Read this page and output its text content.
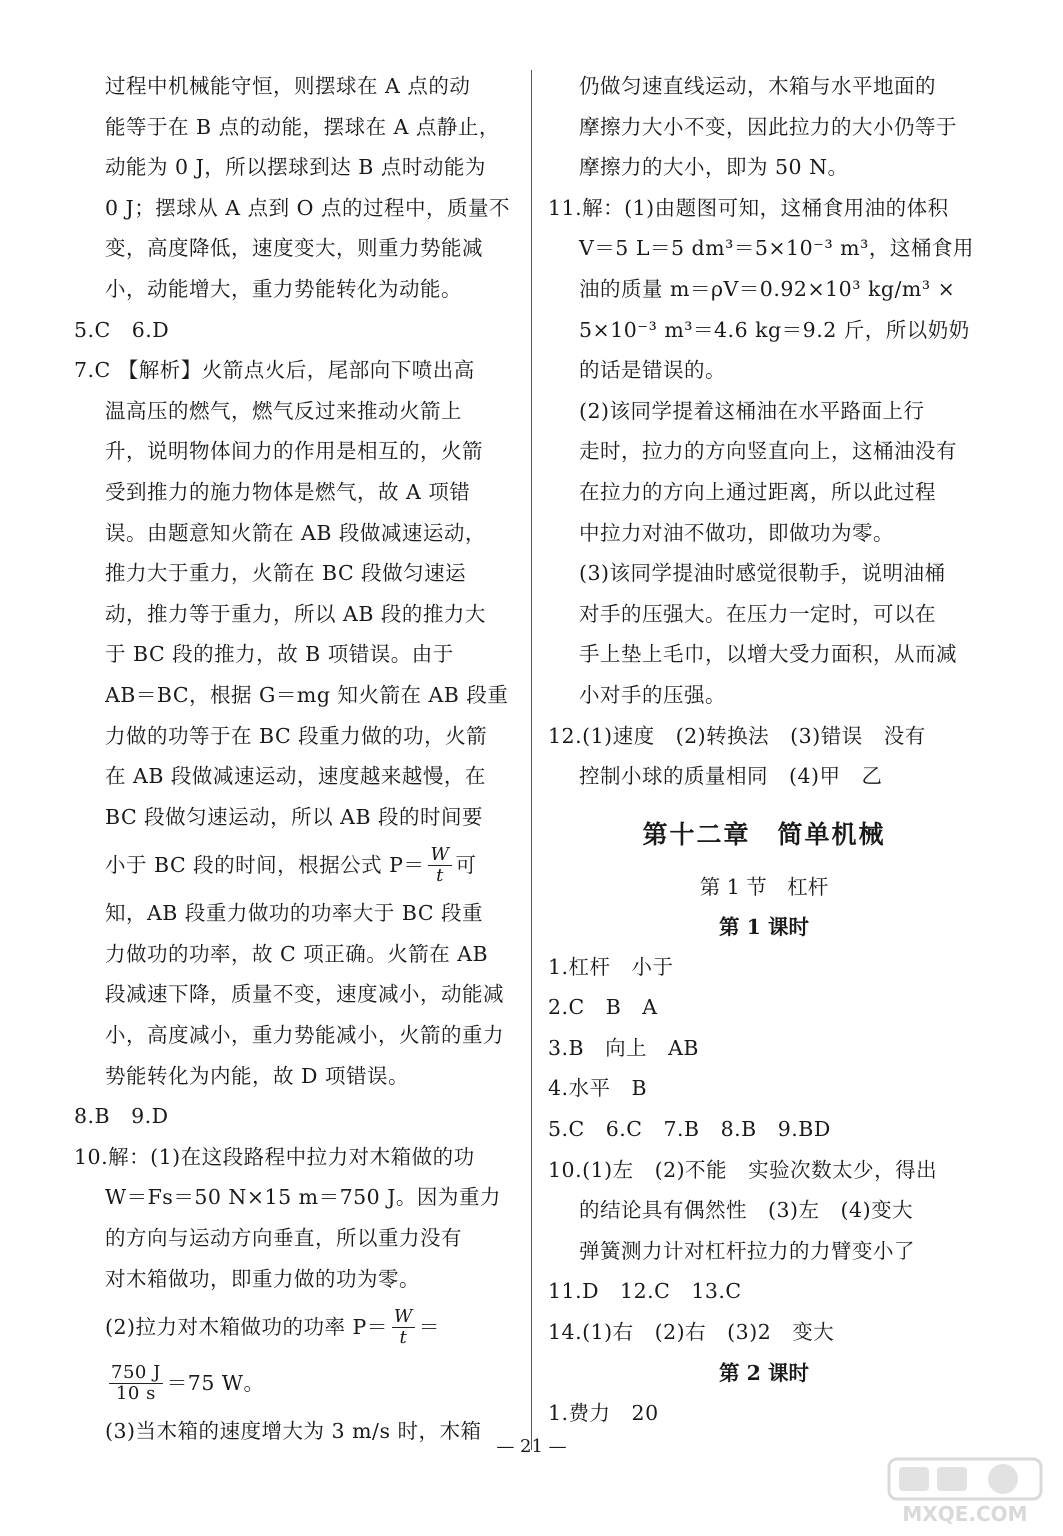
过程中机械能守恒，则摆球在 A 点的动
能等于在 B 点的动能，摆球在 A 点静止，
动能为 0 J，所以摆球到达 B 点时动能为
0 J；摆球从 A 点到 O 点的过程中，质量不
变，高度降低，速度变大，则重力势能减
小，动能增大，重力势能转化为动能。
5.C　6.D
7.C 【解析】火箭点火后，尾部向下喷出高
温高压的燃气，燃气反过来推动火箭上
升，说明物体间力的作用是相互的，火箭
受到推力的施力物体是燃气，故 A 项错
误。由题意知火箭在 AB 段做减速运动，
推力大于重力，火箭在 BC 段做匀速运
动，推力等于重力，所以 AB 段的推力大
于 BC 段的推力，故 B 项错误。由于
AB＝BC，根据 G＝mg 知火箭在 AB 段重
力做的功等于在 BC 段重力做的功，火箭
在 AB 段做减速运动，速度越来越慢，在
BC 段做匀速运动，所以 AB 段的时间要
小于 BC 段的时间，根据公式 $P= \frac{W}{t}$ 可
知，AB 段重力做功的功率大于 BC 段重
力做功的功率，故 C 项正确。火箭在 AB
段减速下降，质量不变，速度减小，动能减
小，高度减小，重力势能减小，火箭的重力
势能转化为内能，故 D 项错误。
8.B　9.D
10.解：(1)在这段路程中拉力对木箱做的功
W＝Fs＝50 N×15 m＝750 J。因为重力
的方向与运动方向垂直，所以重力没有
对木箱做功，即重力做的功为零。
(2)拉力对木箱做功的功率 $P= \frac{W}{t}$ ＝
$\frac{750 J}{10 s} =75$ W。
(3)当木箱的速度增大为 3 m/s 时，木箱
仍做匀速直线运动，木箱与水平地面的
摩擦力大小不变，因此拉力的大小仍等于
摩擦力的大小，即为 50 N。
11.解：(1)由题图可知，这桶食用油的体积
V＝5 L＝5 dm³＝5×10⁻³ m³，这桶食用
油的质量 m＝ρV＝0.92×10³ kg/m³ ×
5×10⁻³ m³＝4.6 kg＝9.2 斤，所以奶奶
的话是错误的。
(2)该同学提着这桶油在水平路面上行
走时，拉力的方向竖直向上，这桶油没有
在拉力的方向上通过距离，所以此过程
中拉力对油不做功，即做功为零。
(3)该同学提油时感觉很勒手，说明油桶
对手的压强大。在压力一定时，可以在
手上垫上毛巾，以增大受力面积，从而减
小对手的压强。
12.(1)速度　(2)转换法　(3)错误　没有
控制小球的质量相同　(4)甲　乙
第十二章　简单机械
第 1 节　杠杆
第 1 课时
1.杠杆　小于
2.C　B　A
3.B　向上　AB
4.水平　B
5.C　6.C　7.B　8.B　9.BD
10.(1)左　(2)不能　实验次数太少，得出
的结论具有偶然性　(3)左　(4)变大
弹簧测力计对杠杆拉力的力臂变小了
11.D　12.C　13.C
14.(1)右　(2)右　(3)2　变大
第 2 课时
1.费力　20
— 21 —
MXQE.COM
